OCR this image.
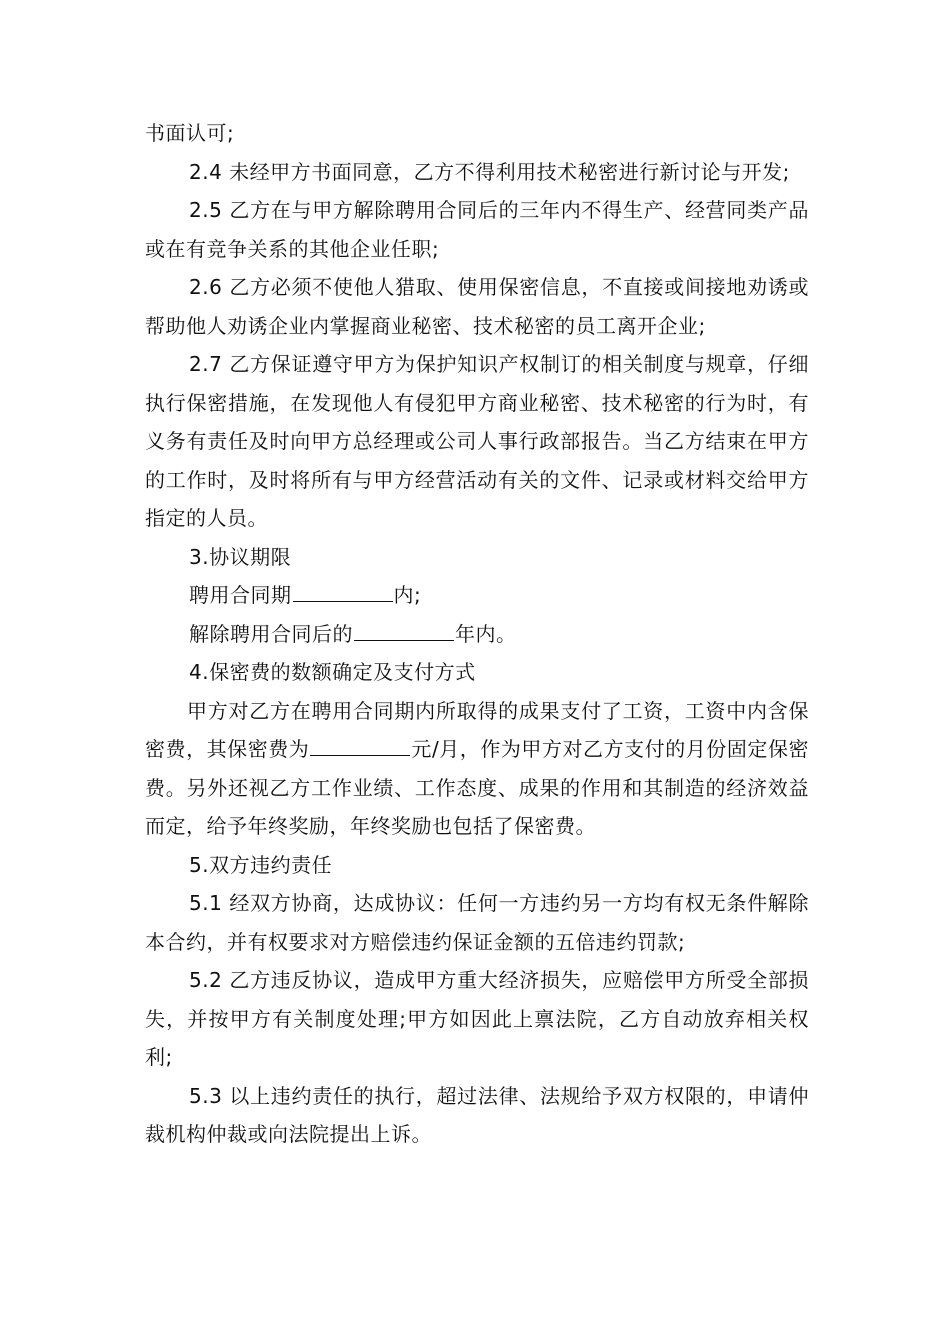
书面认可;

2.4 未经甲方书面同意，乙方不得利用技术秘密进行新讨论与开发;

2.5 乙方在与甲方解除聘用合同后的三年内不得生产、经营同类产品或在有竞争关系的其他企业任职;

2.6 乙方必须不使他人猎取、使用保密信息，不直接或间接地劝诱或帮助他人劝诱企业内掌握商业秘密、技术秘密的员工离开企业;

2.7 乙方保证遵守甲方为保护知识产权制订的相关制度与规章，仔细执行保密措施，在发现他人有侵犯甲方商业秘密、技术秘密的行为时，有义务有责任及时向甲方总经理或公司人事行政部报告。当乙方结束在甲方的工作时，及时将所有与甲方经营活动有关的文件、记录或材料交给甲方指定的人员。

3.协议期限

聘用合同期	内;

解除聘用合同后的	年内。

4.保密费的数额确定及支付方式

甲方对乙方在聘用合同期内所取得的成果支付了工资，工资中内含保密费，其保密费为	元/月，作为甲方对乙方支付的月份固定保密费。另外还视乙方工作业绩、工作态度、成果的作用和其制造的经济效益而定，给予年终奖励，年终奖励也包括了保密费。

5.双方违约责任

5.1 经双方协商，达成协议：任何一方违约另一方均有权无条件解除本合约，并有权要求对方赔偿违约保证金额的五倍违约罚款;

5.2 乙方违反协议，造成甲方重大经济损失，应赔偿甲方所受全部损失，并按甲方有关制度处理;甲方如因此上禀法院，乙方自动放弃相关权利;

5.3 以上违约责任的执行，超过法律、法规给予双方权限的，申请仲裁机构仲裁或向法院提出上诉。
